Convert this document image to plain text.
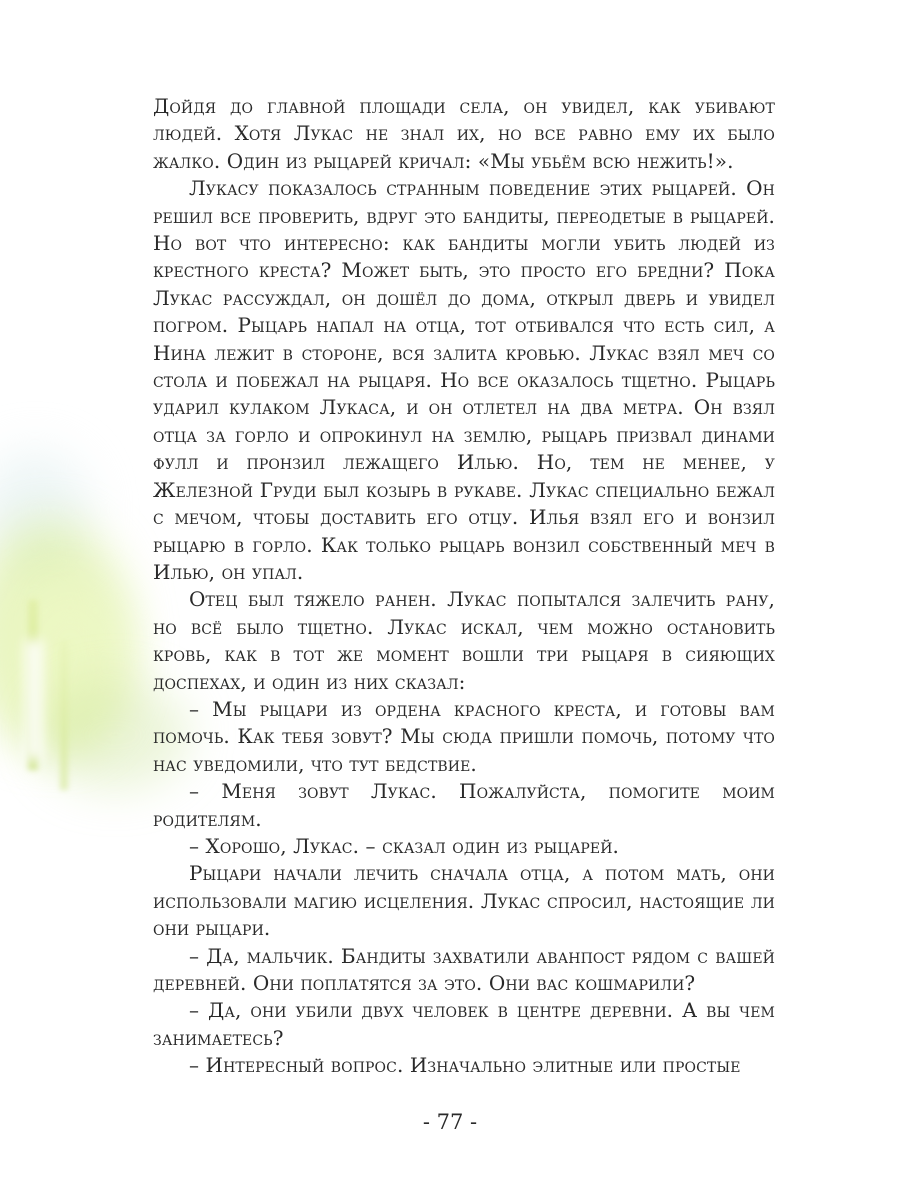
Дойдя до главной площади села, он увидел, как убивают людей. Хотя Лукас не знал их, но все равно ему их было жалко. Один из рыцарей кричал: «Мы убьём всю нежить!».

Лукасу показалось странным поведение этих рыцарей. Он решил все проверить, вдруг это бандиты, переодетые в рыцарей. Но вот что интересно: как бандиты могли убить людей из крестного креста? Может быть, это просто его бредни? Пока Лукас рассуждал, он дошёл до дома, открыл дверь и увидел погром. Рыцарь напал на отца, тот отбивался что есть сил, а Нина лежит в стороне, вся залита кровью. Лукас взял меч со стола и побежал на рыцаря. Но все оказалось тщетно. Рыцарь ударил кулаком Лукаса, и он отлетел на два метра. Он взял отца за горло и опрокинул на землю, рыцарь призвал динами фулл и пронзил лежащего Илью. Но, тем не менее, у Железной Груди был козырь в рукаве. Лукас специально бежал с мечом, чтобы доставить его отцу. Илья взял его и вонзил рыцарю в горло. Как только рыцарь вонзил собственный меч в Илью, он упал.

Отец был тяжело ранен. Лукас попытался залечить рану, но всё было тщетно. Лукас искал, чем можно остановить кровь, как в тот же момент вошли три рыцаря в сияющих доспехах, и один из них сказал:

– Мы рыцари из ордена красного креста, и готовы вам помочь. Как тебя зовут? Мы сюда пришли помочь, потому что нас уведомили, что тут бедствие.

– Меня зовут Лукас. Пожалуйста, помогите моим родителям.

– Хорошо, Лукас. – сказал один из рыцарей.

Рыцари начали лечить сначала отца, а потом мать, они использовали магию исцеления. Лукас спросил, настоящие ли они рыцари.

– Да, мальчик. Бандиты захватили аванпост рядом с вашей деревней. Они поплатятся за это. Они вас кошмарили?

– Да, они убили двух человек в центре деревни. А вы чем занимаетесь?

– Интересный вопрос. Изначально элитные или простые

- 77 -
